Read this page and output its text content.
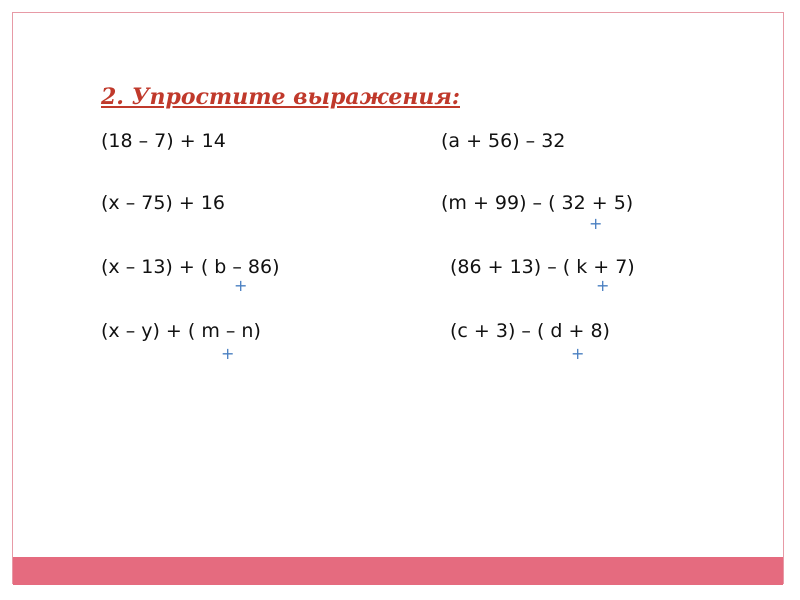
2. Упростите выражения:
(18 – 7) + 14
(x – 75) + 16
(x – 13) + ( b – 86)
(x – y) + ( m – n)
(a + 56) – 32
(m + 99) – ( 32 + 5)
(86 + 13) – ( k + 7)
(c + 3) – ( d + 8)
+
+	+
+	+
